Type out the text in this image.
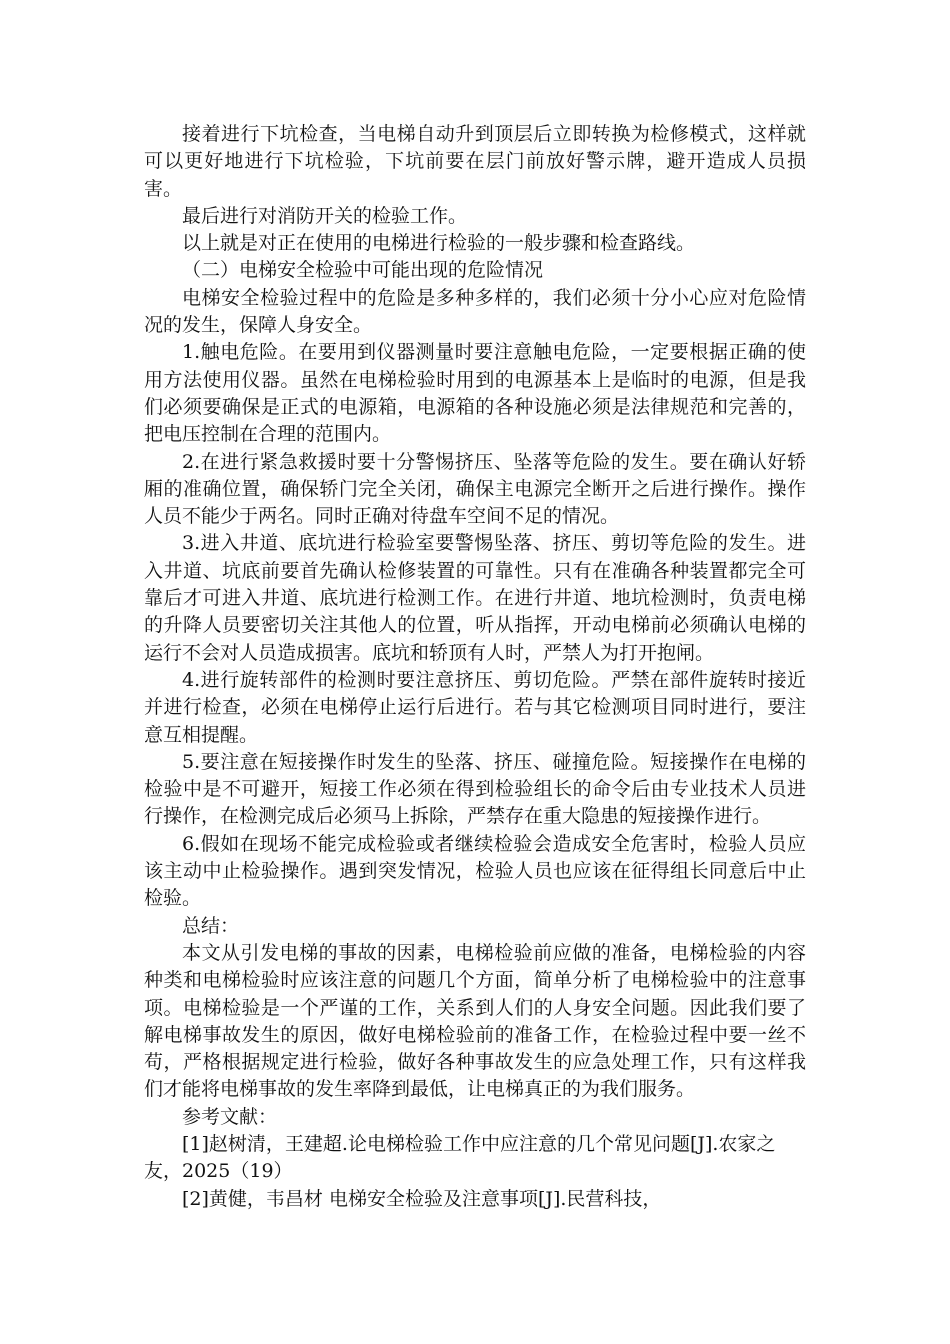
接着进行下坑检查，当电梯自动升到顶层后立即转换为检修模式，这样就可以更好地进行下坑检验，下坑前要在层门前放好警示牌，避开造成人员损害。

最后进行对消防开关的检验工作。

以上就是对正在使用的电梯进行检验的一般步骤和检查路线。

（二）电梯安全检验中可能出现的危险情况

电梯安全检验过程中的危险是多种多样的，我们必须十分小心应对危险情况的发生，保障人身安全。

1.触电危险。在要用到仪器测量时要注意触电危险，一定要根据正确的使用方法使用仪器。虽然在电梯检验时用到的电源基本上是临时的电源，但是我们必须要确保是正式的电源箱，电源箱的各种设施必须是法律规范和完善的，把电压控制在合理的范围内。

2.在进行紧急救援时要十分警惕挤压、坠落等危险的发生。要在确认好轿厢的准确位置，确保轿门完全关闭，确保主电源完全断开之后进行操作。操作人员不能少于两名。同时正确对待盘车空间不足的情况。

3.进入井道、底坑进行检验室要警惕坠落、挤压、剪切等危险的发生。进入井道、坑底前要首先确认检修装置的可靠性。只有在准确各种装置都完全可靠后才可进入井道、底坑进行检测工作。在进行井道、地坑检测时，负责电梯的升降人员要密切关注其他人的位置，听从指挥，开动电梯前必须确认电梯的运行不会对人员造成损害。底坑和轿顶有人时，严禁人为打开抱闸。

4.进行旋转部件的检测时要注意挤压、剪切危险。严禁在部件旋转时接近并进行检查，必须在电梯停止运行后进行。若与其它检测项目同时进行，要注意互相提醒。

5.要注意在短接操作时发生的坠落、挤压、碰撞危险。短接操作在电梯的检验中是不可避开，短接工作必须在得到检验组长的命令后由专业技术人员进行操作，在检测完成后必须马上拆除，严禁存在重大隐患的短接操作进行。

6.假如在现场不能完成检验或者继续检验会造成安全危害时，检验人员应该主动中止检验操作。遇到突发情况，检验人员也应该在征得组长同意后中止检验。

总结：

本文从引发电梯的事故的因素，电梯检验前应做的准备，电梯检验的内容种类和电梯检验时应该注意的问题几个方面，简单分析了电梯检验中的注意事项。电梯检验是一个严谨的工作，关系到人们的人身安全问题。因此我们要了解电梯事故发生的原因，做好电梯检验前的准备工作，在检验过程中要一丝不苟，严格根据规定进行检验，做好各种事故发生的应急处理工作，只有这样我们才能将电梯事故的发生率降到最低，让电梯真正的为我们服务。

参考文献：

[1]赵树清，王建超.论电梯检验工作中应注意的几个常见问题[J].农家之友，2025（19）

[2]黄健，韦昌材 电梯安全检验及注意事项[J].民营科技，
